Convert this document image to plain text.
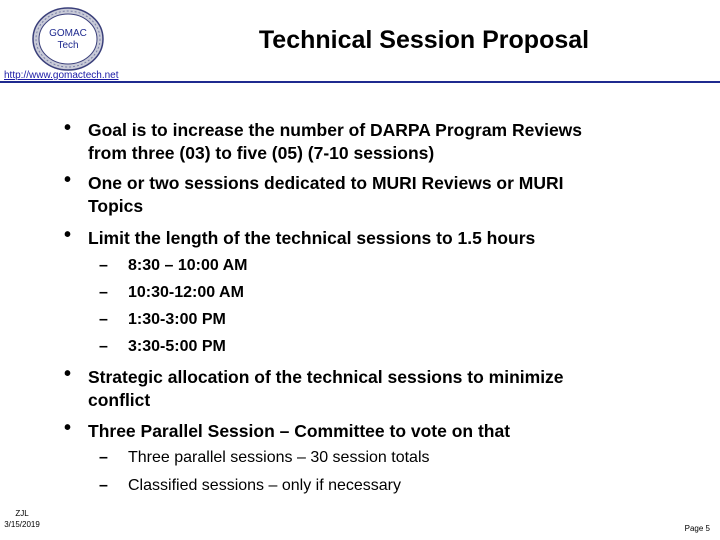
GOMAC
Tech	Technical Session Proposal
http://www.gomactech.net
• Goal is to increase the number of DARPA Program Reviews
from three (03) to five (05) (7-10 sessions)
• One or two sessions dedicated to MURI Reviews or MURI
Topics
• Limit the length of the technical sessions to 1.5 hours
– 8:30 – 10:00 AM
– 10:30-12:00 AM
– 1:30-3:00 PM
– 3:30-5:00 PM
• Strategic allocation of the technical sessions to minimize
conflict
• Three Parallel Session – Committee to vote on that
– Three parallel sessions – 30 session totals
– Classified sessions – only if necessary
ZJL
3/15/2019	Page 5
